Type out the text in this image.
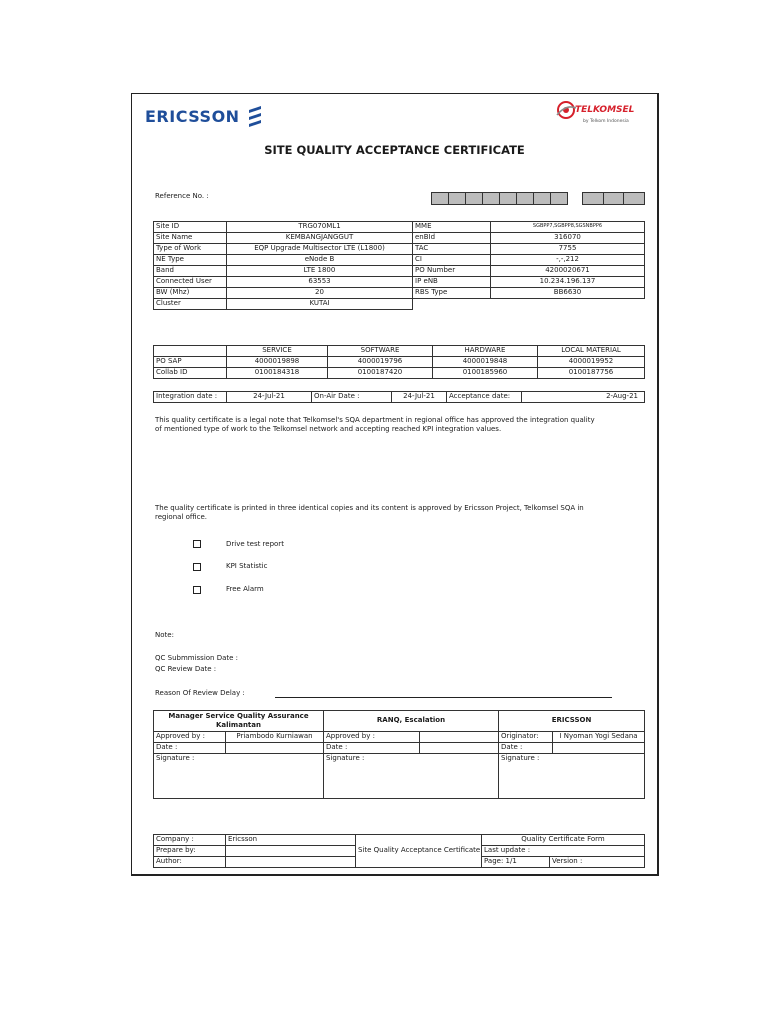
ERICSSON	TELKOMSEL
by Telkom Indonesia
SITE QUALITY ACCEPTANCE CERTIFICATE
Reference No. :
Site ID	TRG070ML1	MME	SGBPP7,SGBPP8,SGSNBPP6
Site Name	KEMBANGJANGGUT	enBId	316070
Type of Work	EQP Upgrade Multisector LTE (L1800)	TAC	7755
NE Type	eNode B	CI	-,-,212
Band	LTE 1800	PO Number	4200020671
Connected User	63553	IP eNB	10.234.196.137
BW (Mhz)	20	RBS Type	BB6630
Cluster	KUTAI		
	SERVICE	SOFTWARE	HARDWARE	LOCAL MATERIAL
PO SAP	4000019898	4000019796	4000019848	4000019952
Collab ID	0100184318	0100187420	0100185960	0100187756
Integration date :	24-Jul-21	On-Air Date :	24-Jul-21	Acceptance date:	2-Aug-21
This quality certificate is a legal note that Telkomsel's SQA department in regional office has approved the integration quality of mentioned type of work to the Telkomsel network and accepting reached KPI integration values.
The quality certificate is printed in three identical copies and its content is approved by Ericsson Project, Telkomsel SQA in regional office.
Drive test report
KPI Statistic
Free Alarm
Note:
QC Submmission Date :
QC Review Date :
Reason Of Review Delay :
Manager Service Quality Assurance Kalimantan		RANQ, Escalation		ERICSSON	
Approved by :	Priambodo Kurniawan	Approved by :		Originator:	I Nyoman Yogi Sedana
Date :		Date :		Date :	
Signature :		Signature :		Signature :	
Company :	Ericsson	Site Quality Acceptance Certificate	Quality Certificate Form	
Prepare by:			Last update :	
Author:			Page: 1/1	Version :
